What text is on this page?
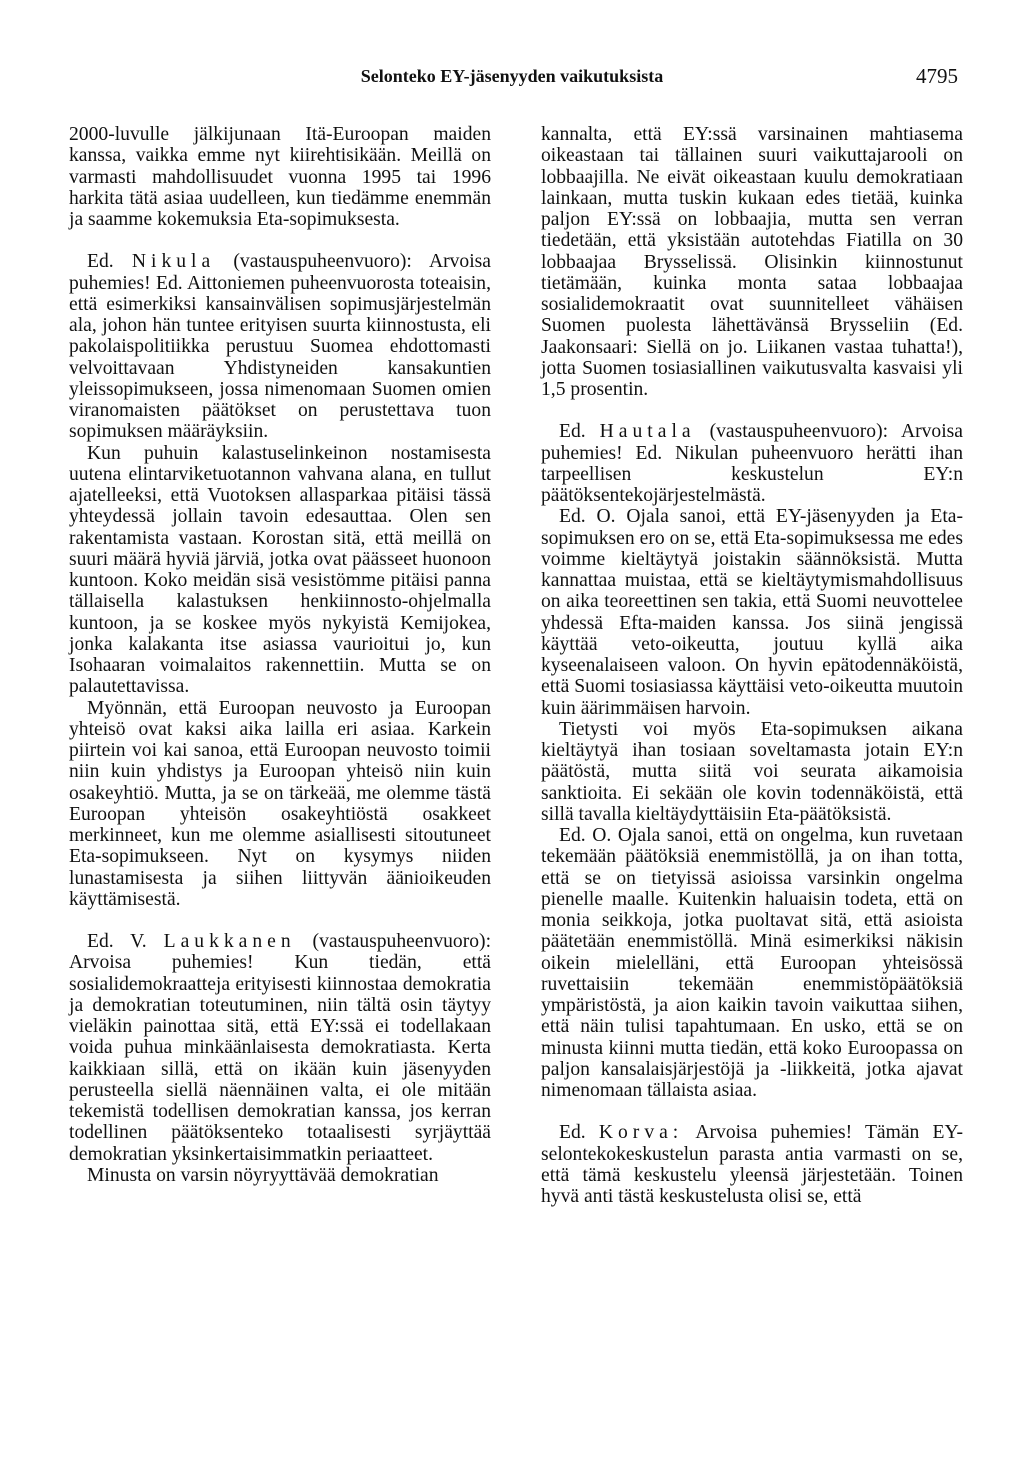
Selonteko EY-jäsenyyden vaikutuksista	4795

2000-luvulle jälkijunaan Itä-Euroopan maiden kanssa, vaikka emme nyt kiirehtisikään. Meillä on varmasti mahdollisuudet vuonna 1995 tai 1996 harkita tätä asiaa uudelleen, kun tiedämme enemmän ja saamme kokemuksia Eta-sopimuksesta.

Ed. Nikula (vastauspuheenvuoro): Arvoisa puhemies! Ed. Aittoniemen puheenvuorosta toteaisin, että esimerkiksi kansainvälisen sopimusjärjestelmän ala, johon hän tuntee erityisen suurta kiinnostusta, eli pakolaispolitiikka perustuu Suomea ehdottomasti velvoittavaan Yhdistyneiden kansakuntien yleissopimukseen, jossa nimenomaan Suomen omien viranomaisten päätökset on perustettava tuon sopimuksen määräyksiin.

Kun puhuin kalastuselinkeinon nostamisesta uutena elintarviketuotannon vahvana alana, en tullut ajatelleeksi, että Vuotoksen allasparkaa pitäisi tässä yhteydessä jollain tavoin edesauttaa. Olen sen rakentamista vastaan. Korostan sitä, että meillä on suuri määrä hyviä järviä, jotka ovat päässeet huonoon kuntoon. Koko meidän sisä vesistömme pitäisi panna tällaisella kalastuksen henkiinnosto-ohjelmalla kuntoon, ja se koskee myös nykyistä Kemijokea, jonka kalakanta itse asiassa vaurioitui jo, kun Isohaaran voimalaitos rakennettiin. Mutta se on palautettavissa.

Myönnän, että Euroopan neuvosto ja Euroopan yhteisö ovat kaksi aika lailla eri asiaa. Karkein piirtein voi kai sanoa, että Euroopan neuvosto toimii niin kuin yhdistys ja Euroopan yhteisö niin kuin osakeyhtiö. Mutta, ja se on tärkeää, me olemme tästä Euroopan yhteisön osakeyhtiöstä osakkeet merkinneet, kun me olemme asiallisesti sitoutuneet Eta-sopimukseen. Nyt on kysymys niiden lunastamisesta ja siihen liittyvän äänioikeuden käyttämisestä.

Ed. V. Laukkanen (vastauspuheenvuoro): Arvoisa puhemies! Kun tiedän, että sosialidemokraatteja erityisesti kiinnostaa demokratia ja demokratian toteutuminen, niin tältä osin täytyy vieläkin painottaa sitä, että EY:ssä ei todellakaan voida puhua minkäänlaisesta demokratiasta. Kerta kaikkiaan sillä, että on ikään kuin jäsenyyden perusteella siellä näennäinen valta, ei ole mitään tekemistä todellisen demokratian kanssa, jos kerran todellinen päätöksenteko totaalisesti syrjäyttää demokratian yksinkertaisimmatkin periaatteet.

Minusta on varsin nöyryyttävää demokratian

kannalta, että EY:ssä varsinainen mahtiasema oikeastaan tai tällainen suuri vaikuttajarooli on lobbaajilla. Ne eivät oikeastaan kuulu demokratiaan lainkaan, mutta tuskin kukaan edes tietää, kuinka paljon EY:ssä on lobbaajia, mutta sen verran tiedetään, että yksistään autotehdas Fiatilla on 30 lobbaajaa Brysselissä. Olisinkin kiinnostunut tietämään, kuinka monta sataa lobbaajaa sosialidemokraatit ovat suunnitelleet vähäisen Suomen puolesta lähettävänsä Brysseliin (Ed. Jaakonsaari: Siellä on jo. Liikanen vastaa tuhatta!), jotta Suomen tosiasiallinen vaikutusvalta kasvaisi yli 1,5 prosentin.

Ed. Hautala (vastauspuheenvuoro): Arvoisa puhemies! Ed. Nikulan puheenvuoro herätti ihan tarpeellisen keskustelun EY:n päätöksentekojärjestelmästä.

Ed. O. Ojala sanoi, että EY-jäsenyyden ja Eta-sopimuksen ero on se, että Eta-sopimuksessa me edes voimme kieltäytyä joistakin säännöksistä. Mutta kannattaa muistaa, että se kieltäytymismahdollisuus on aika teoreettinen sen takia, että Suomi neuvottelee yhdessä Efta-maiden kanssa. Jos siinä jengissä käyttää veto-oikeutta, joutuu kyllä aika kyseenalaiseen valoon. On hyvin epätodennäköistä, että Suomi tosiasiassa käyttäisi veto-oikeutta muutoin kuin äärimmäisen harvoin.

Tietysti voi myös Eta-sopimuksen aikana kieltäytyä ihan tosiaan soveltamasta jotain EY:n päätöstä, mutta siitä voi seurata aikamoisia sanktioita. Ei sekään ole kovin todennäköistä, että sillä tavalla kieltäydyttäisiin Eta-päätöksistä.

Ed. O. Ojala sanoi, että on ongelma, kun ruvetaan tekemään päätöksiä enemmistöllä, ja on ihan totta, että se on tietyissä asioissa varsinkin ongelma pienelle maalle. Kuitenkin haluaisin todeta, että on monia seikkoja, jotka puoltavat sitä, että asioista päätetään enemmistöllä. Minä esimerkiksi näkisin oikein mielelläni, että Euroopan yhteisössä ruvettaisiin tekemään enemmistöpäätöksiä ympäristöstä, ja aion kaikin tavoin vaikuttaa siihen, että näin tulisi tapahtumaan. En usko, että se on minusta kiinni mutta tiedän, että koko Euroopassa on paljon kansalaisjärjestöjä ja -liikkeitä, jotka ajavat nimenomaan tällaista asiaa.

Ed. Korva: Arvoisa puhemies! Tämän EY-selontekokeskustelun parasta antia varmasti on se, että tämä keskustelu yleensä järjestetään. Toinen hyvä anti tästä keskustelusta olisi se, että
